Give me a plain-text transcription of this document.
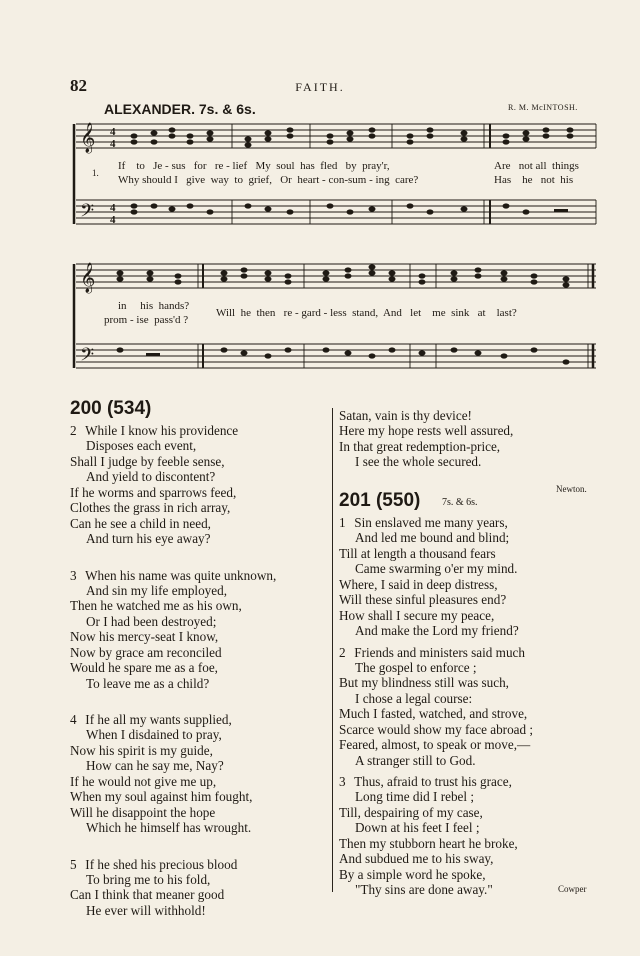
82	FAITH.
ALEXANDER. 7s. & 6s.	R. M. McINTOSH.
𝄞
𝄢
4
4
4
4
1.
If    to   Je - sus   for   re - lief   My  soul  has  fled   by  pray'r,
Why should I   give  way  to  grief,   Or  heart - con-sum - ing  care?
Are   not all  things
Has    he   not  his
𝄞
𝄢
in     his  hands?
prom - ise  pass'd ?
Will  he  then   re - gard - less  stand,  And   let    me  sink   at    last?
200 (534)
2 While I know his providence
Disposes each event,
Shall I judge by feeble sense,
And yield to discontent?
If he worms and sparrows feed,
Clothes the grass in rich array,
Can he see a child in need,
And turn his eye away?
3 When his name was quite unknown,
And sin my life employed,
Then he watched me as his own,
Or I had been destroyed;
Now his mercy-seat I know,
Now by grace am reconciled
Would he spare me as a foe,
To leave me as a child?
4 If he all my wants supplied,
When I disdained to pray,
Now his spirit is my guide,
How can he say me, Nay?
If he would not give me up,
When my soul against him fought,
Will he disappoint the hope
Which he himself has wrought.
5 If he shed his precious blood
To bring me to his fold,
Can I think that meaner good
He ever will withhold!
Satan, vain is thy device!
Here my hope rests well assured,
In that great redemption-price,
I see the whole secured.
Newton.
201 (550) 7s. & 6s.
1 Sin enslaved me many years,
And led me bound and blind;
Till at length a thousand fears
Came swarming o'er my mind.
Where, I said in deep distress,
Will these sinful pleasures end?
How shall I secure my peace,
And make the Lord my friend?
2 Friends and ministers said much
The gospel to enforce ;
But my blindness still was such,
I chose a legal course:
Much I fasted, watched, and strove,
Scarce would show my face abroad ;
Feared, almost, to speak or move,—
A stranger still to God.
3 Thus, afraid to trust his grace,
Long time did I rebel ;
Till, despairing of my case,
Down at his feet I feel ;
Then my stubborn heart he broke,
And subdued me to his sway,
By a simple word he spoke,
"Thy sins are done away."	Cowper
